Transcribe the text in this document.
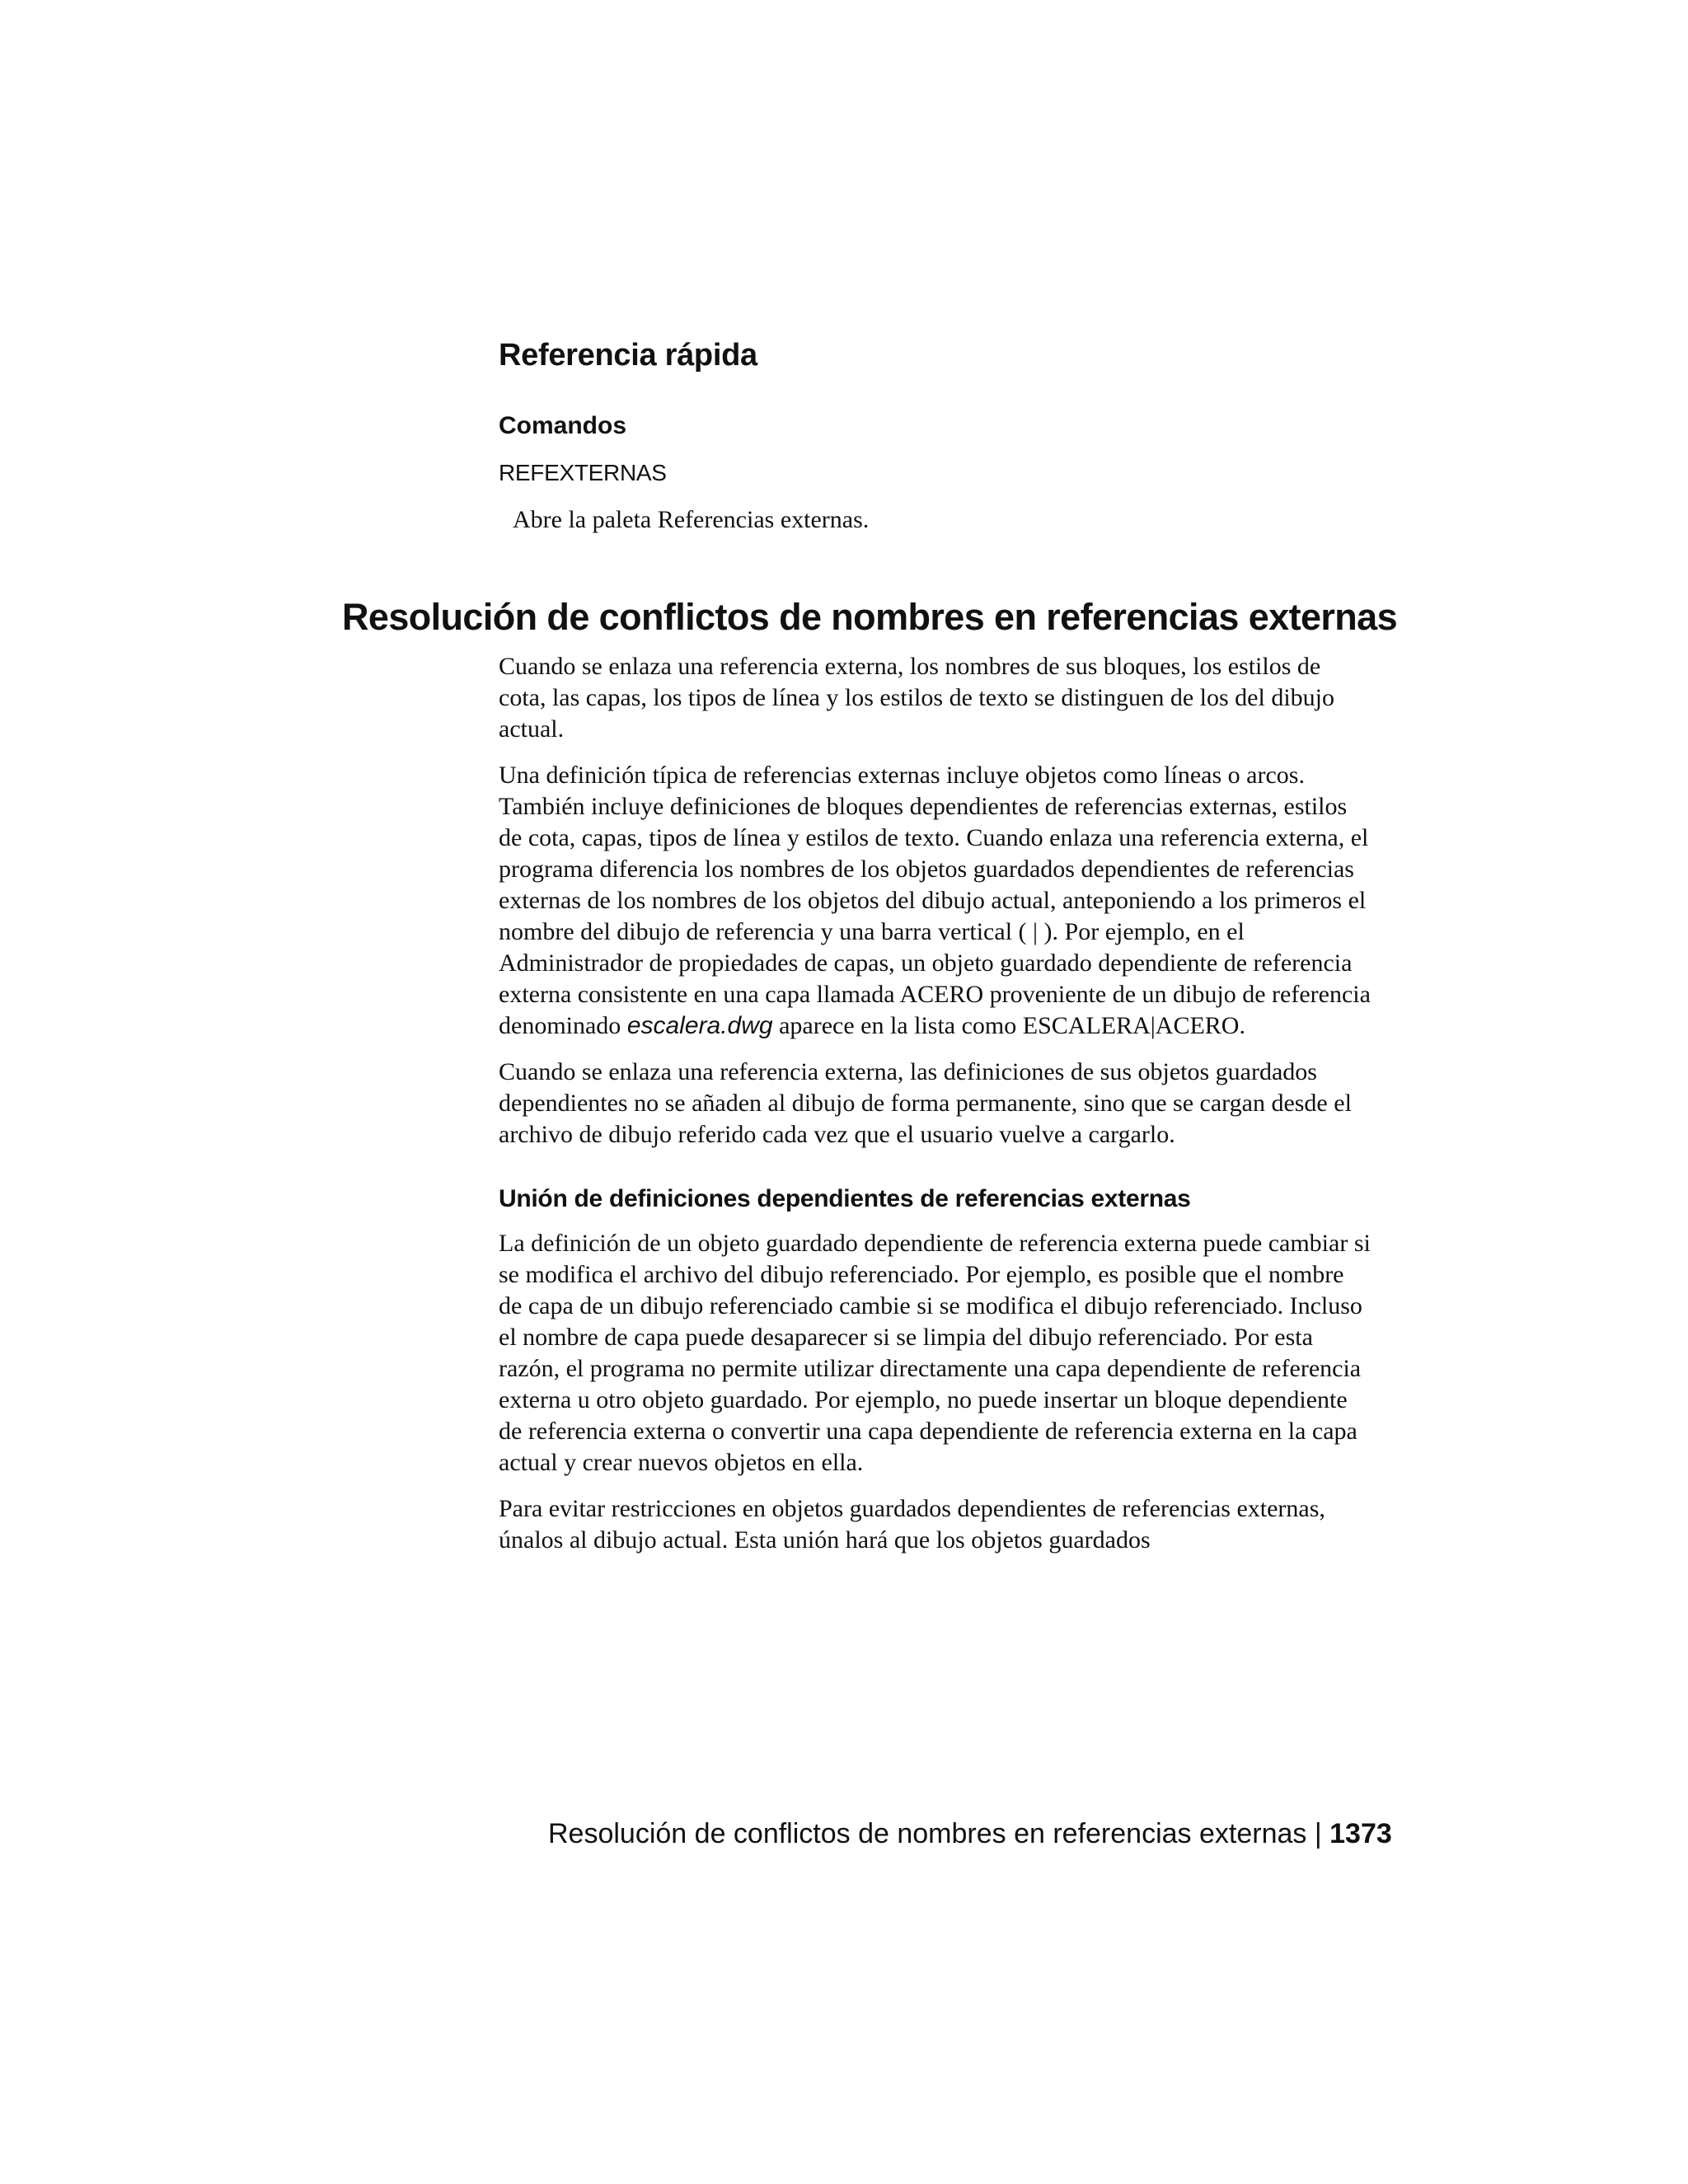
Referencia rápida
Comandos
REFEXTERNAS
Abre la paleta Referencias externas.
Resolución de conflictos de nombres en referencias externas

Cuando se enlaza una referencia externa, los nombres de sus bloques, los estilos de cota, las capas, los tipos de línea y los estilos de texto se distinguen de los del dibujo actual.

Una definición típica de referencias externas incluye objetos como líneas o arcos. También incluye definiciones de bloques dependientes de referencias externas, estilos de cota, capas, tipos de línea y estilos de texto. Cuando enlaza una referencia externa, el programa diferencia los nombres de los objetos guardados dependientes de referencias externas de los nombres de los objetos del dibujo actual, anteponiendo a los primeros el nombre del dibujo de referencia y una barra vertical ( | ). Por ejemplo, en el Administrador de propiedades de capas, un objeto guardado dependiente de referencia externa consistente en una capa llamada ACERO proveniente de un dibujo de referencia denominado escalera.dwg aparece en la lista como ESCALERA|ACERO.

Cuando se enlaza una referencia externa, las definiciones de sus objetos guardados dependientes no se añaden al dibujo de forma permanente, sino que se cargan desde el archivo de dibujo referido cada vez que el usuario vuelve a cargarlo.

Unión de definiciones dependientes de referencias externas

La definición de un objeto guardado dependiente de referencia externa puede cambiar si se modifica el archivo del dibujo referenciado. Por ejemplo, es posible que el nombre de capa de un dibujo referenciado cambie si se modifica el dibujo referenciado. Incluso el nombre de capa puede desaparecer si se limpia del dibujo referenciado. Por esta razón, el programa no permite utilizar directamente una capa dependiente de referencia externa u otro objeto guardado. Por ejemplo, no puede insertar un bloque dependiente de referencia externa o convertir una capa dependiente de referencia externa en la capa actual y crear nuevos objetos en ella.

Para evitar restricciones en objetos guardados dependientes de referencias externas, únalos al dibujo actual. Esta unión hará que los objetos guardados

Resolución de conflictos de nombres en referencias externas | 1373
